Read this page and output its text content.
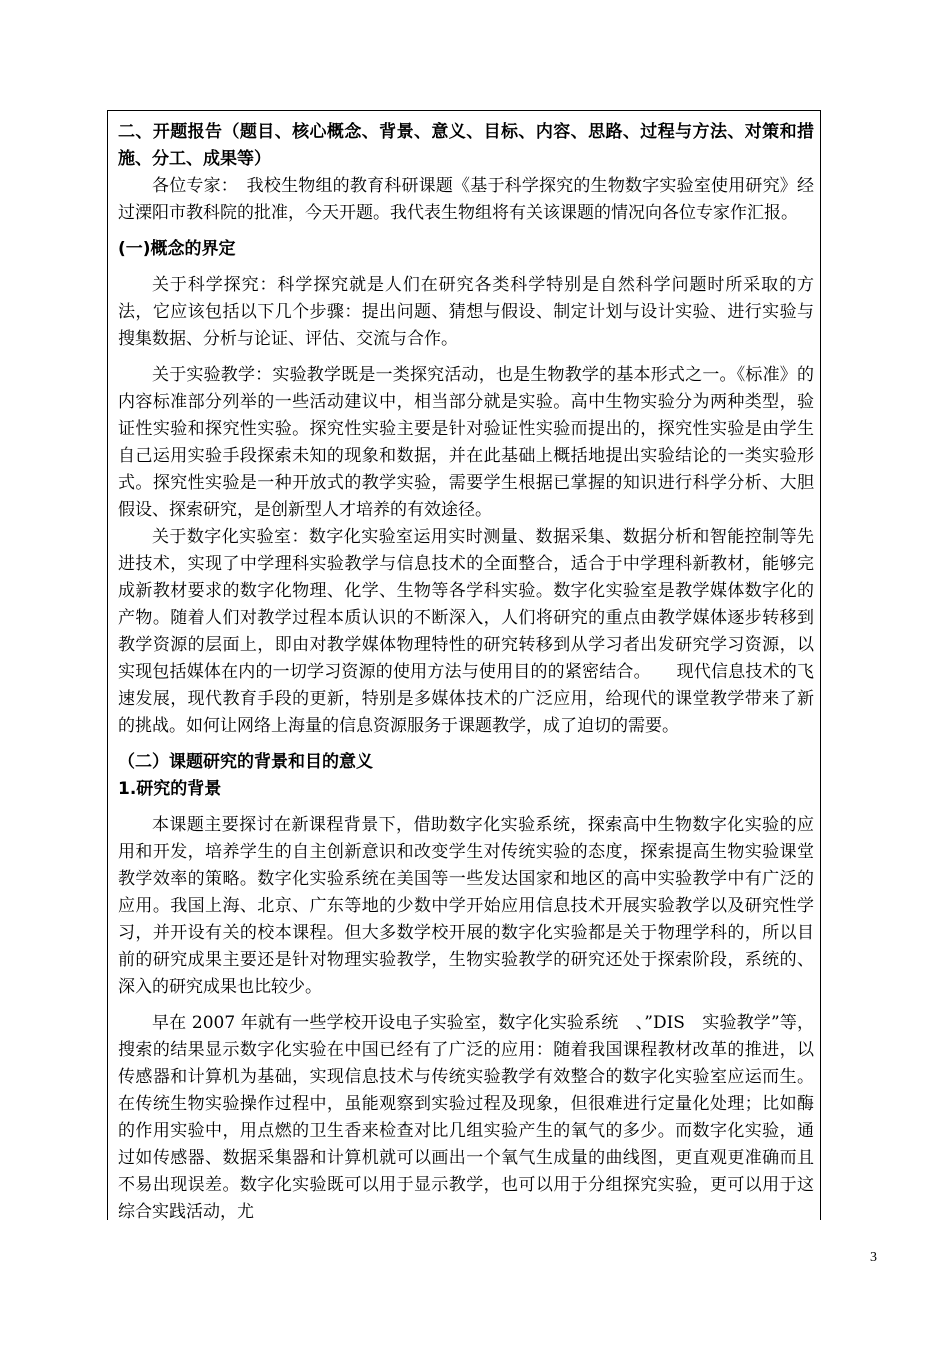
二、开题报告（题目、核心概念、背景、意义、目标、内容、思路、过程与方法、对策和措施、分工、成果等）

各位专家：　我校生物组的教育科研课题《基于科学探究的生物数字实验室使用研究》经过溧阳市教科院的批准，今天开题。我代表生物组将有关该课题的情况向各位专家作汇报。

(一)概念的界定

关于科学探究：科学探究就是人们在研究各类科学特别是自然科学问题时所采取的方法，它应该包括以下几个步骤：提出问题、猜想与假设、制定计划与设计实验、进行实验与搜集数据、分析与论证、评估、交流与合作。

关于实验教学：实验教学既是一类探究活动，也是生物教学的基本形式之一。《标准》的内容标准部分列举的一些活动建议中，相当部分就是实验。高中生物实验分为两种类型，验证性实验和探究性实验。探究性实验主要是针对验证性实验而提出的，探究性实验是由学生自己运用实验手段探索未知的现象和数据，并在此基础上概括地提出实验结论的一类实验形式。探究性实验是一种开放式的教学实验，需要学生根据已掌握的知识进行科学分析、大胆假设、探索研究，是创新型人才培养的有效途径。

关于数字化实验室：数字化实验室运用实时测量、数据采集、数据分析和智能控制等先进技术，实现了中学理科实验教学与信息技术的全面整合，适合于中学理科新教材，能够完成新教材要求的数字化物理、化学、生物等各学科实验。数字化实验室是教学媒体数字化的产物。随着人们对教学过程本质认识的不断深入，人们将研究的重点由教学媒体逐步转移到教学资源的层面上，即由对教学媒体物理特性的研究转移到从学习者出发研究学习资源，以实现包括媒体在内的一切学习资源的使用方法与使用目的的紧密结合。　　现代信息技术的飞速发展，现代教育手段的更新，特别是多媒体技术的广泛应用，给现代的课堂教学带来了新的挑战。如何让网络上海量的信息资源服务于课题教学，成了迫切的需要。

（二）课题研究的背景和目的意义

1.研究的背景

本课题主要探讨在新课程背景下，借助数字化实验系统，探索高中生物数字化实验的应用和开发，培养学生的自主创新意识和改变学生对传统实验的态度，探索提高生物实验课堂教学效率的策略。数字化实验系统在美国等一些发达国家和地区的高中实验教学中有广泛的应用。我国上海、北京、广东等地的少数中学开始应用信息技术开展实验教学以及研究性学习，并开设有关的校本课程。但大多数学校开展的数字化实验都是关于物理学科的，所以目前的研究成果主要还是针对物理实验教学，生物实验教学的研究还处于探索阶段，系统的、深入的研究成果也比较少。

早在 2007 年就有一些学校开设电子实验室，数字化实验系统　、”DIS　实验教学”等，搜索的结果显示数字化实验在中国已经有了广泛的应用：随着我国课程教材改革的推进，以传感器和计算机为基础，实现信息技术与传统实验教学有效整合的数字化实验室应运而生。在传统生物实验操作过程中，虽能观察到实验过程及现象，但很难进行定量化处理；比如酶的作用实验中，用点燃的卫生香来检查对比几组实验产生的氧气的多少。而数字化实验，通过如传感器、数据采集器和计算机就可以画出一个氧气生成量的曲线图，更直观更准确而且不易出现误差。数字化实验既可以用于显示教学，也可以用于分组探究实验，更可以用于这综合实践活动，尤

3
